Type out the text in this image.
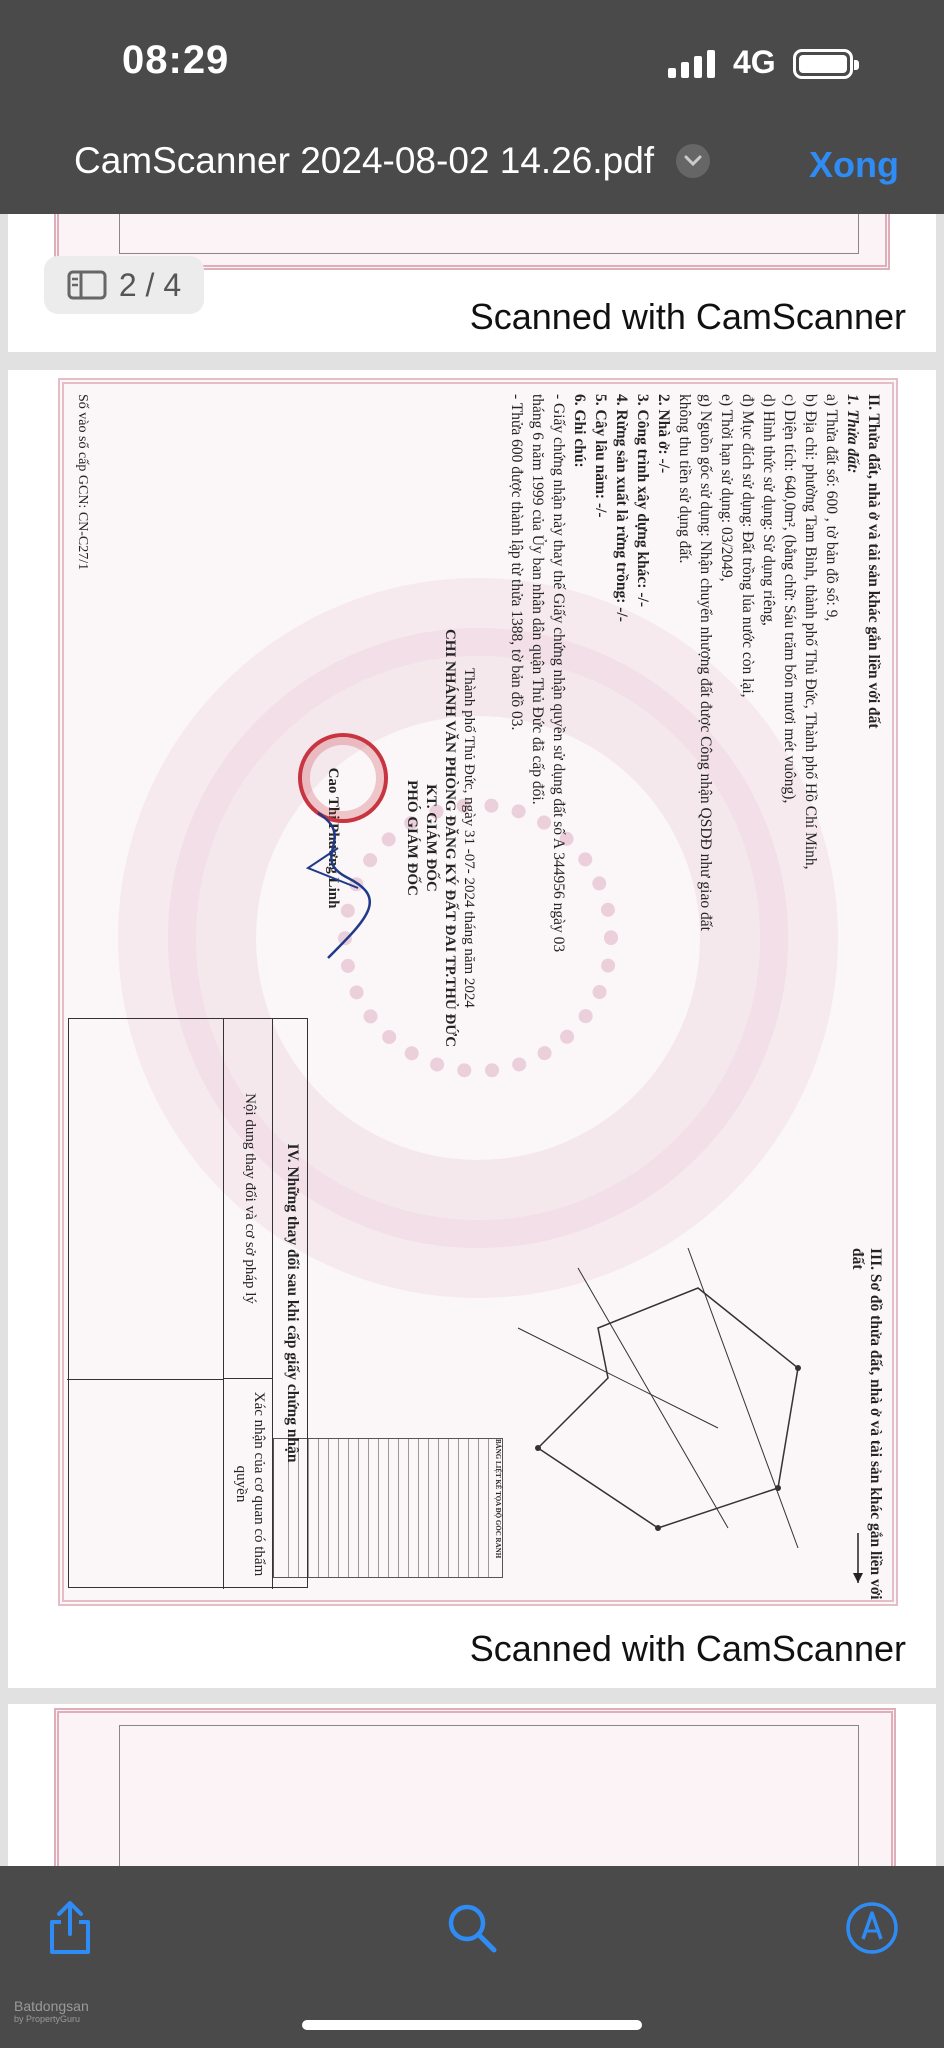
08:29	4G
CamScanner 2024-08-02 14.26.pdf	Xong
2 / 4
Scanned with CamScanner
II. Thửa đất, nhà ở và tài sản khác gắn liền với đất
1. Thửa đất:
a) Thửa đất số: 600 , tờ bản đồ số: 9,
b) Địa chỉ: phường Tam Bình, thành phố Thủ Đức, Thành phố Hồ Chí Minh,
c) Diện tích: 640,0m², (bằng chữ: Sáu trăm bốn mươi mét vuông),
d) Hình thức sử dụng: Sử dụng riêng,
đ) Mục đích sử dụng: Đất trồng lúa nước còn lại,
e) Thời hạn sử dụng: 03/2049,
g) Nguồn gốc sử dụng: Nhận chuyển nhượng đất được Công nhận QSDĐ như giao đất
không thu tiền sử dụng đất.
2. Nhà ở: -/-
3. Công trình xây dựng khác: -/-
4. Rừng sản xuất là rừng trồng: -/-
5. Cây lâu năm: -/-
6. Ghi chú:
- Giấy chứng nhận này thay thế Giấy chứng nhận quyền sử dụng đất số A 344956 ngày 03
tháng 6 năm 1999 của Ủy ban nhân dân quận Thủ Đức đã cấp đổi.
- Thửa 600 được thành lập từ thửa 1388, tờ bản đồ 03.
Thành phố Thủ Đức, ngày 31 -07- 2024 tháng năm 2024
CHI NHÁNH VĂN PHÒNG ĐĂNG KÝ ĐẤT ĐAI TP.THỦ ĐỨC
KT. GIÁM ĐỐC
PHÓ GIÁM ĐỐC
Cao Thị Phương Linh
Số vào sổ cấp GCN: CN-C27/1
III. Sơ đồ thửa đất, nhà ở và tài sản khác gắn liền với đất
BẢNG LIỆT KÊ TỌA ĐỘ GÓC RANH
IV. Những thay đổi sau khi cấp giấy chứng nhận
Nội dung thay đổi và cơ sở pháp lý
Xác nhận của cơ quan có thẩm quyền
Scanned with CamScanner
Batdongsan
by PropertyGuru
